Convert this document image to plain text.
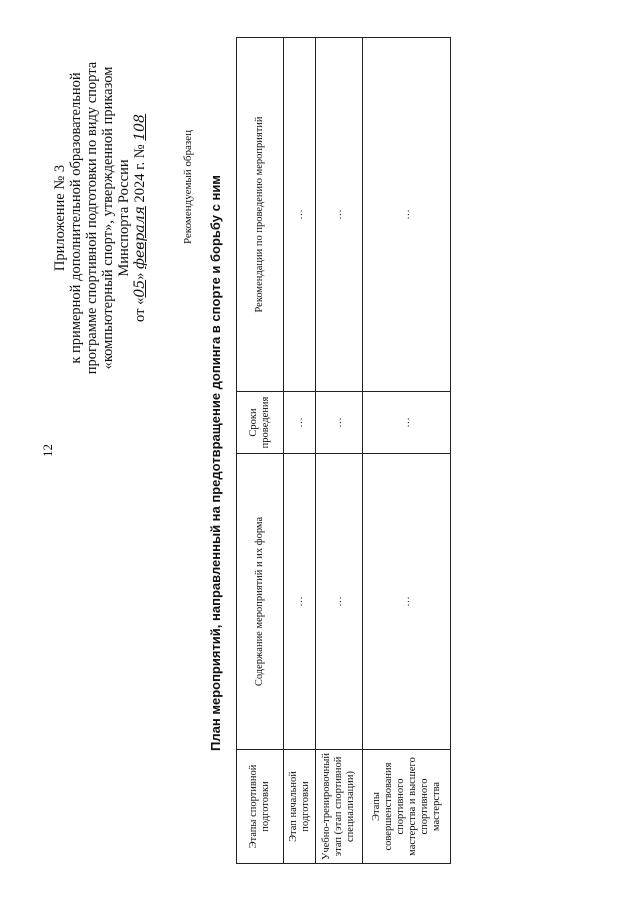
12
Приложение № 3 к примерной дополнительной образовательной программе спортивной подготовки по виду спорта «компьютерный спорт», утвержденной приказом Минспорта России
от «05» февраля 2024 г. № 108
Рекомендуемый образец План мероприятий, направленный на предотвращение допинга в спорте и борьбу с ним
Этапы спортивной подготовки	Содержание мероприятий и их форма	Сроки проведения	Рекомендации по проведению мероприятий
Этап начальной подготовки	…	…	…
Учебно-тренировочный этап (этап спортивной специализации)	…	…	…
Этапы совершенствования спортивного мастерства и высшего спортивного мастерства	…	…	…
